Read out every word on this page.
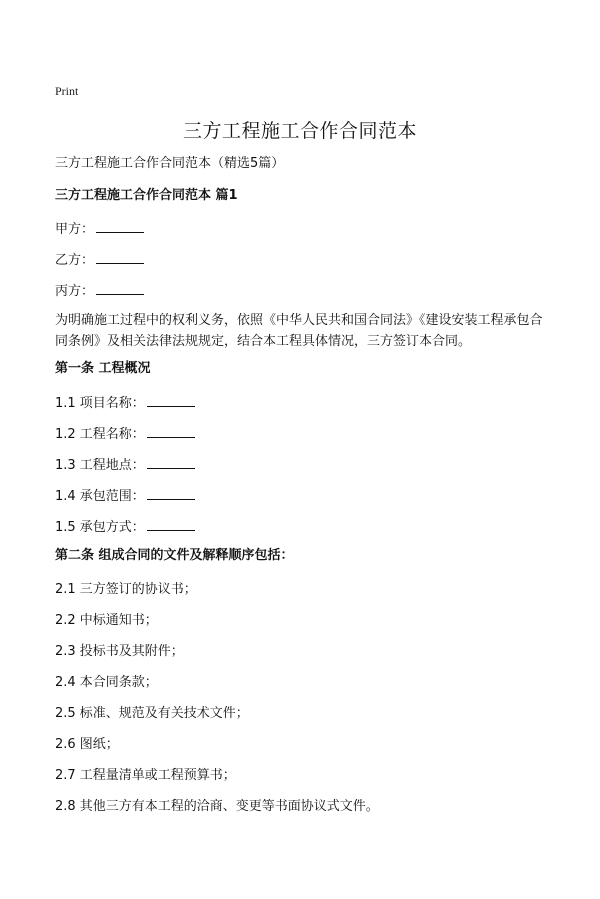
Print
三方工程施工合作合同范本
三方工程施工合作合同范本（精选5篇）
三方工程施工合作合同范本 篇1
甲方：
乙方：
丙方：
为明确施工过程中的权利义务，依照《中华人民共和国合同法》《建设安装工程承包合同条例》及相关法律法规规定，结合本工程具体情况，三方签订本合同。
第一条 工程概况
1.1 项目名称：
1.2 工程名称：
1.3 工程地点：
1.4 承包范围：
1.5 承包方式：
第二条 组成合同的文件及解释顺序包括：
2.1 三方签订的协议书；
2.2 中标通知书；
2.3 投标书及其附件；
2.4 本合同条款；
2.5 标准、规范及有关技术文件；
2.6 图纸；
2.7 工程量清单或工程预算书；
2.8 其他三方有本工程的洽商、变更等书面协议式文件。
